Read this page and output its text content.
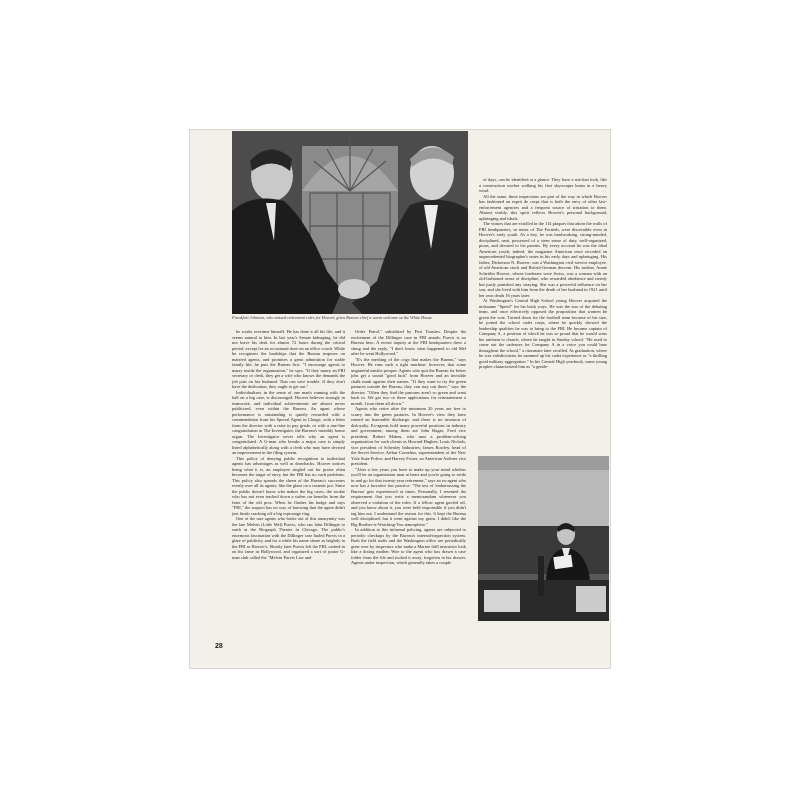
Frankfort Johnson, who missed retirement rules for Hoover, gives Bureau chief a warm welcome at the White House

he works overtime himself. He has done it all his life, and it seems natural to him. In last year's Senate kidnaping, he did not leave his desk for almost 72 hours during the critical period, except for an occasional doze on an office couch. While he recognizes the hardships that the Bureau imposes on married agents, and promises a great admiration for stable family life, he puts the Bureau first. "I encourage agents to marry inside the organization," he says. "If they marry an FBI secretary or clerk, they get a wife who knows the demands the job puts on her husband. That can save trouble. If they don't have the dedication, they ought to get out."

Individualism, in the sense of one man's running with the ball on a big case, is discouraged. Hoover believes strongly in teamwork, and individual achievements are almost never publicized, even within the Bureau. An agent whose performance is outstanding is quietly rewarded with a commendation from his Special Agent in Charge, with a letter from the director with a raise in pay grade, or with a one-line congratulation in The Investigator, the Bureau's monthly house organ. The Investigator never tells why an agent is congratulated. A G-man who breaks a major case is simply listed alphabetically along with a clerk who may have devised an improvement in the filing system.

This policy of denying public recognition to individual agents has advantages as well as drawbacks. Hoover notices being what it is, an employee singled out for praise often becomes the target of envy, but the FBI has no such problems. This policy also spreads the sheen of the Bureau's successes evenly over all its agents, like the glaze on a ceramic pot. Since the public doesn't know who makes the big cases, the rookie who has not even tracked down a stolen car benefits from the feats of the old pros. When he flashes his badge and says "FBI," the suspect has no way of knowing that the agent didn't just finish cracking off a big espionage ring.

One of the rare agents who broke out of this anonymity was the late Melvin (Little Mel) Purvis, who ran John Dillinger to earth at the Biograph Theater in Chicago. The public's enormous fascination with the Dillinger case hailed Purvis in a glare of publicity, and for a while his name shone as brightly in the FBI as Hoover's. Shortly later Purvis left the FBI, cashed in on his fame in Hollywood, and organized a sort of junior G-man club called the "Melvin Purvis Law and

Order Patrol," subsidized by Post Toasties. Despite the excitement of the Dillinger case in FBI annals, Purvis is no Bureau hero. A recent inquiry at the FBI headquarters drew a shrug and the reply, "I don't know what happened to old Mel after he went Hollywood."

"It's the meshing of the cogs that makes the Bureau," says Hoover. He runs such a tight machine, however, that some ungrateful misfits prosper. Agents who quit the Bureau for better jobs get a sound "good luck" from Hoover and an invisible chalk mark against their names. "If they want to try the green pastures outside the Bureau, they can stay out there," says the director. "Often they find the pastures aren't so green and want back in. We get two or three applications for reinstatement a month. I turn them all down."

Agents who retire after the minimum 20 years are free to scurry into the green pastures. In Hoover's view they have earned an honorable discharge, and there is no invasion of disloyalty. Ex-agents hold many powerful positions in industry and government; among them are John Bugas, Ford vice president; Robert Maheu, who runs a problem-solving organization for such clients as Howard Hughes; Louis Nichols, vice president of Schenley Industries; James Rowley, head of the Secret Service; Arthur Cornelius, superintendent of the New York State Police; and Harvey Foster, an American Airlines vice president.

"After a few years you have to make up your mind whether you'll be an organization man at heart and you're going to settle in and go for that twenty-year retirement," says an ex-agent who now has a lucrative law practice. "The test of 'embarrassing the Bureau' gets experienced at times. Personally, I resented the requirement that you write a memorandum whenever you observed a violation of the rules. If a fellow agent goofed off, and you knew about it, you were held responsible if you didn't tag him out. I understand the reason for this. It kept the Bureau well disciplined, but it went against my grain. I didn't like the Big Brother-is-Watching-You atmosphere."

In addition to this informal policing, agents are subjected to periodic checkups by the Bureau's internal-inspection system. Both the field staffs and the Washington office are periodically gone over by inspectors who make a Marine drill instructor look like a doting mother. Woe to the agent who has drawn a case folder from the file and tucked it away, forgotten in his drawer. Agents under inspection, which generally takes a couple

of days, can be identified at a glance. They have a stricken look, like a construction worker walking his first skyscraper beam in a heavy wind.

All the same, these inspections are part of the way in which Hoover has fashioned an esprit de corps that is both the envy of other law-enforcement agencies and a frequent source of irritation to them. Almost visibly, this spirit reflects Hoover's personal background, upbringing and ideals.

The virtues that are extolled in the 114 plaques that adorn the walls of FBI headquarters, in terms of The Fortieth, were discernible even in Hoover's early youth. As a boy, he was hardworking, strong-minded, disciplined, neat, possessed of a stern sense of duty, well-organized, pious, and devoted to his parents. By every account he was the ideal American youth; indeed, the magazine American once recorded an unprecedented biographer's notes in his early days and upbringing. His father, Dickerson N. Hoover, was a Washington civil-service employee, of old American stock and British-German descent. His mother, Annie Scheitlin Hoover, whose forebears were Swiss, was a woman with an old-fashioned sense of discipline, who rewarded obedience and sternly but justly punished any straying. She was a powerful influence on her son, and she lived with him from the death of her husband in 1921 until her own death 16 years later.

At Washington's Central High School young Hoover acquired the nickname "Speed" for his brisk ways. He was the star of the debating team, and once effectively opposed the proposition that women be given the vote. Turned down for the football team because of his size, he joined the school cadet corps, where he quickly showed the leadership qualities he was to bring to the FBI. He became captain of Company A, a position of which he was so proud that he would wear his uniform to church, where he taught in Sunday school. "He used to come out the cadences for Company A in a voice you could hear throughout the school," a classmate later recalled. At graduation, where he was valedictorian, he summed up his cadet experience as "a thrilling good military aggregation." In his Central High yearbook, some young prophet characterized him as "a gentle-

28
